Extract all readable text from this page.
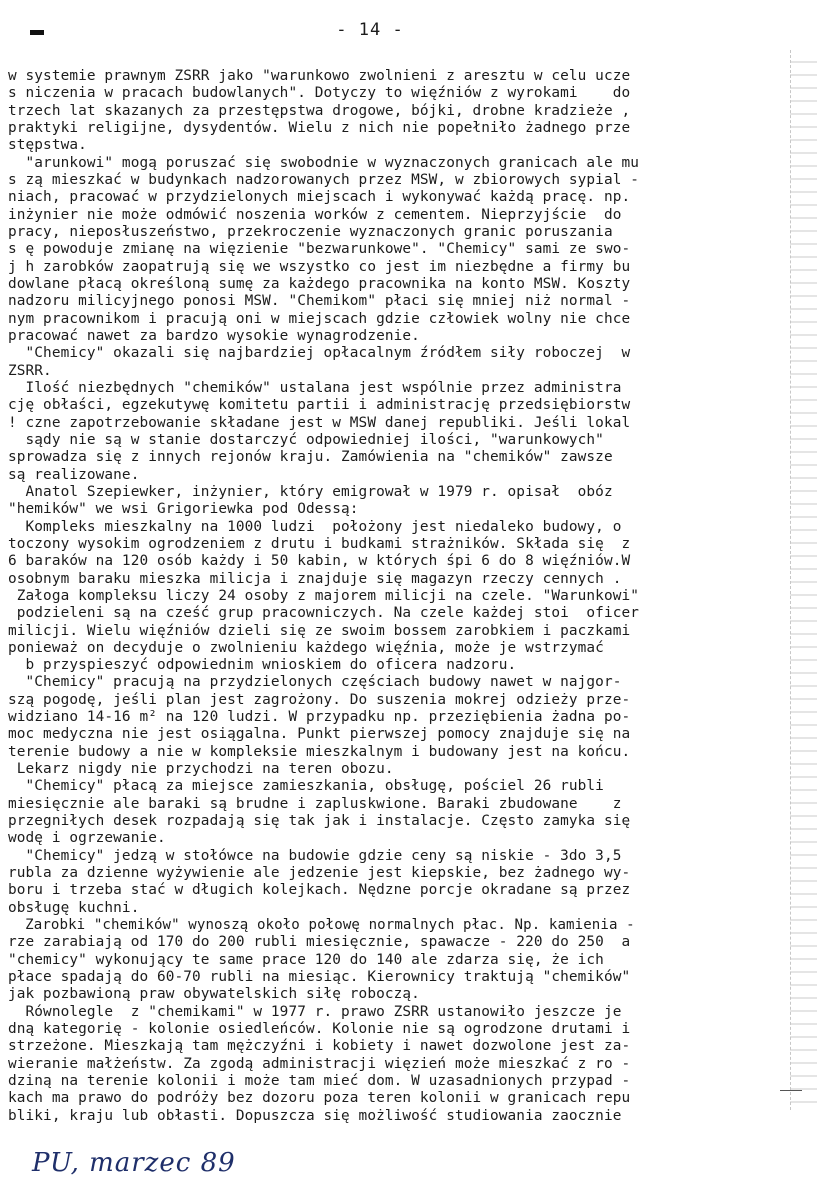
- 14 -
w systemie prawnym ZSRR jako "warunkowo zwolnieni z aresztu w celu ucze
s niczenia w pracach budowlanych". Dotyczy to więźniów z wyrokami    do
trzech lat skazanych za przestępstwa drogowe, bójki, drobne kradzieże ,
praktyki religijne, dysydentów. Wielu z nich nie popełniło żadnego prze
stępstwa.
"arunkowi" mogą poruszać się swobodnie w wyznaczonych granicach ale mu
s zą mieszkać w budynkach nadzorowanych przez MSW, w zbiorowych sypial -
niach, pracować w przydzielonych miejscach i wykonywać każdą pracę. np.
inżynier nie może odmówić noszenia worków z cementem. Nieprzyjście  do
pracy, nieposłuszeństwo, przekroczenie wyznaczonych granic poruszania
s ę powoduje zmianę na więzienie "bezwarunkowe". "Chemicy" sami ze swo-
j h zarobków zaopatrują się we wszystko co jest im niezbędne a firmy bu
dowlane płacą określoną sumę za każdego pracownika na konto MSW. Koszty
nadzoru milicyjnego ponosi MSW. "Chemikom" płaci się mniej niż normal -
nym pracownikom i pracują oni w miejscach gdzie człowiek wolny nie chce
pracować nawet za bardzo wysokie wynagrodzenie.
"Chemicy" okazali się najbardziej opłacalnym źródłem siły roboczej  w
ZSRR.
Ilość niezbędnych "chemików" ustalana jest wspólnie przez administra
cję obłaści, egzekutywę komitetu partii i administrację przedsiębiorstw
! czne zapotrzebowanie składane jest w MSW danej republiki. Jeśli lokal
sądy nie są w stanie dostarczyć odpowiedniej ilości, "warunkowych"
sprowadza się z innych rejonów kraju. Zamówienia na "chemików" zawsze
są realizowane.
Anatol Szepiewker, inżynier, który emigrował w 1979 r. opisał  obóz
"hemików" we wsi Grigoriewka pod Odessą:
Kompleks mieszkalny na 1000 ludzi  położony jest niedaleko budowy, o
toczony wysokim ogrodzeniem z drutu i budkami strażników. Składa się  z
6 baraków na 120 osób każdy i 50 kabin, w których śpi 6 do 8 więźniów.W
osobnym baraku mieszka milicja i znajduje się magazyn rzeczy cennych .
Załoga kompleksu liczy 24 osoby z majorem milicji na czele. "Warunkowi"
podzieleni są na cześć grup pracowniczych. Na czele każdej stoi  oficer
milicji. Wielu więźniów dzieli się ze swoim bossem zarobkiem i paczkami
ponieważ on decyduje o zwolnieniu każdego więźnia, może je wstrzymać
b przyspieszyć odpowiednim wnioskiem do oficera nadzoru.
"Chemicy" pracują na przydzielonych częściach budowy nawet w najgor-
szą pogodę, jeśli plan jest zagrożony. Do suszenia mokrej odzieży prze-
widziano 14-16 m² na 120 ludzi. W przypadku np. przeziębienia żadna po-
moc medyczna nie jest osiągalna. Punkt pierwszej pomocy znajduje się na
terenie budowy a nie w kompleksie mieszkalnym i budowany jest na końcu.
Lekarz nigdy nie przychodzi na teren obozu.
"Chemicy" płacą za miejsce zamieszkania, obsługę, pościel 26 rubli
miesięcznie ale baraki są brudne i zapluskwione. Baraki zbudowane    z
przegniłych desek rozpadają się tak jak i instalacje. Często zamyka się
wodę i ogrzewanie.
"Chemicy" jedzą w stołówce na budowie gdzie ceny są niskie - 3do 3,5
rubla za dzienne wyżywienie ale jedzenie jest kiepskie, bez żadnego wy-
boru i trzeba stać w długich kolejkach. Nędzne porcje okradane są przez
obsługę kuchni.
Zarobki "chemików" wynoszą około połowę normalnych płac. Np. kamienia -
rze zarabiają od 170 do 200 rubli miesięcznie, spawacze - 220 do 250  a
"chemicy" wykonujący te same prace 120 do 140 ale zdarza się, że ich
płace spadają do 60-70 rubli na miesiąc. Kierownicy traktują "chemików"
jak pozbawioną praw obywatelskich siłę roboczą.
Równolegle  z "chemikami" w 1977 r. prawo ZSRR ustanowiło jeszcze je
dną kategorię - kolonie osiedleńców. Kolonie nie są ogrodzone drutami i
strzeżone. Mieszkają tam mężczyźni i kobiety i nawet dozwolone jest za-
wieranie małżeństw. Za zgodą administracji więzień może mieszkać z ro -
dziną na terenie kolonii i może tam mieć dom. W uzasadnionych przypad -
kach ma prawo do podróży bez dozoru poza teren kolonii w granicach repu
bliki, kraju lub obłasti. Dopuszcza się możliwość studiowania zaocznie
PU, marzec 89
